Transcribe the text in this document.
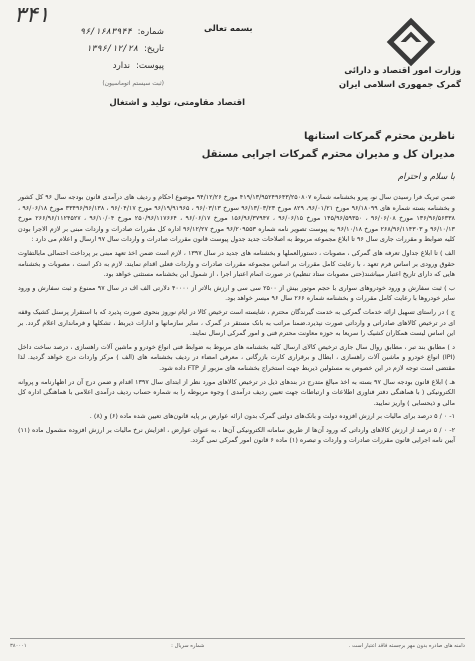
۳۴۱
شماره:
۹۶/۱۶۸۳۹۴۴
تاریخ:
۱۳۹۶/۱۲/۲۸
پیوست:
ندارد
(ثبت سیستم اتوماسیون)
بسمه تعالی
وزارت امور اقتصاد و دارائی
گمرک جمهوری اسلامی ایران
اقتصاد مقاومتی، تولید و اشتغال
ناظرین محترم گمرکات استانها
مدیران کل و مدیران محترم گمرکات اجرایی مستقل
با سلام و احترام

ضمن تبریک فرا رسیدن سال نو، پیرو بخشنامه شماره ۴۱۹/۱۳/۹۵۲۴۹۶۴۳/۲۵۰۸۰۷ مورخ ۹۴/۱۲/۲۶ موضوع احکام و ردیف های درآمدی قانون بودجه سال ۹۶ کل کشور و بخشنامه بسته شماره های ۹۶/۱۸۰۹۹ مورخ ۹۶/۰۱/۲۱، ۸۲۹ مورخ ۹۶/۱۳/۰۳/۲۳ سورخ ۹۶/۰۳/۱۳ ، ۹۶/۱۹/۹۱۹۶۵ مورخ ۹۶/۰۴/۱۷ ، ۳۳۴۹۶/۹۶/۱۳۸ مورخ ۹۶/۰۶/۱۸ ، ۱۳۶/۹۶/۵۶۳۳۸ مورخ ۹۶/۰۶/۰۸ ، ۱۴۵/۹۶/۵۹۳۵۰ مورخ ۹۶/۰۶/۱۵ ، ۱۵۶/۹۶/۳۷۹۴۷ مورخ ۹۶/۰۶/۱۷ ، ۲۵۰/۹۶/۱۱۷۶۶۴ مورخ ۹۶/۱۰/۰۴ ، ۲۶۶/۹۶/۱۱۲۴۵۲۷ مورخ ۹۶/۱۰/۱۳ و ۲۶۸/۹۶/۱۱۴۳۰۳ مورخ ۹۶/۱۰/۱۸ به پیوست تصویر نامه شماره ۹۶/۲۰۹۵۵۳ مورخ ۹۶/۱۲/۲۷ اداره کل مقررات صادرات و واردات مبنی بر لازم الاجرا بودن کلیه ضوابط و مقررات جاری سال ۹۶ تا ابلاغ مجموعه مربوط به اصلاحات جدید جدول پیوست قانون مقررات صادرات و واردات سال ۹۷ ارسال و اعلام می دارد :

الف ) تا ابلاغ جداول تعرفه های گمرکی ، مصوبات ، دستورالعملها و بخشنامه های جدید در سال ۱۳۹۷ ، لازم است ضمن اخذ تعهد مبنی بر پرداخت احتمالی مابالتفاوت حقوق ورودی بر اساس فرم تعهد ، با رعایت کامل مقررات بر اساس مجموعه مقررات صادرات و واردات فعلی اقدام نمایند. لازم به ذکر است ، مصوبات و بخشنامه هایی که دارای تاریخ اعتبار میباشند(حتی مصوبات ستاد تنظیم) در صورت اتمام اعتبار اجرا ، از شمول این بخشنامه مستثنی خواهد بود.

ب ) ثبت سفارش و ورود خودروهای سواری با حجم موتور بیش از ۲۵۰۰ سی سی و ارزش بالاتر از ۴۰۰۰۰ دلارتی الف اف در سال ۹۷ ممنوع و ثبت سفارش و ورود سایر خودروها با رعایت کامل مقررات و بخشنامه شماره ۲۶۶ سال ۹۶ میسر خواهد بود.

ج ) در راستای تسهیل ارائه خدمات گمرکی به خدمت گیرندگان محترم ، شایسته است ترخیص کالا در ایام نوروز بنحوی صورت پذیرد که با استقرار پرسنل کشیک وقفه ای در ترخیص کالاهای صادراتی و وارداتی صورت نپذیرد.ضمنا مراتب به بانک مستقر در گمرک ، سایر سازمانها و ادارات ذیربط ، تشکلها و فرمانداری اعلام گردد. بر این اساس لیست همکاران کشیک را سریعا به حوزه معاونت محترم فنی و امور گمرکی ارسال نمایند.

د ) مطابق بند تبر ، مطابق روال سال جاری ترخیص کالای ارسال کلیه بخشنامه های مربوط به ضوابط فنی انواع خودرو و ماشین آلات راهسازی ، درصد ساخت داخل (IPI) انواع خودرو و ماشین آلات راهسازی ، ابطال و برقراری کارت بازرگانی ، معرفی امضاء در ردیف بخشنامه های (الف ) مرکز واردات درج خواهد گردید. لذا مقتضی است توجه لازم در این خصوص به مسئولین ذیربط جهت استخراج بخشنامه های مزبور از FTP داده شود.

هـ ) ابلاغ قانون بودجه سال ۹۷ بسته به اخذ مبالغ متدرج در بندهای ذیل در ترخیص کالاهای مورد نظر از ابتدای سال ۱۳۹۷ اقدام و ضمن درج آن در اظهارنامه و پروانه الکترونیکی ( با هماهنگی دفتر فناوری اطلاعات و ارتباطات جهت تعیین ردیف درآمدی ) وجوه مربوطه را به شماره حساب ردیف درآمدی اعلامی با هماهنگی اداره کل مالی و ذیحسابی ) واریز نمایید.

۱- ۰ / ۵ درصد برای مالیات بر ارزش افزوده دولت و بانک‌های دولتی گمرک بدون ارائه عوارض بر پایه قانون‌های تعیین شده ماده (۶) و (۸) .

۲- ۰ / ۵ درصد از ارزش کالاهای وارداتی که ورود آن‌ها از طریق سامانه الکترونیکی آن‌ها ، به عنوان عوارض ، افزایش نرخ مالیات بر ارزش افزوده مشمول ماده (۱۱) آیین نامه اجرایی قانون مقررات صادرات و واردات و تبصره (۱) ماده ۶ قانون امور گمرکی نمی گردد.

دامنه های صادره بدون مهر برجسته فاقد اعتبار است .
شماره سریال :
۳۸۰۰۰۱
